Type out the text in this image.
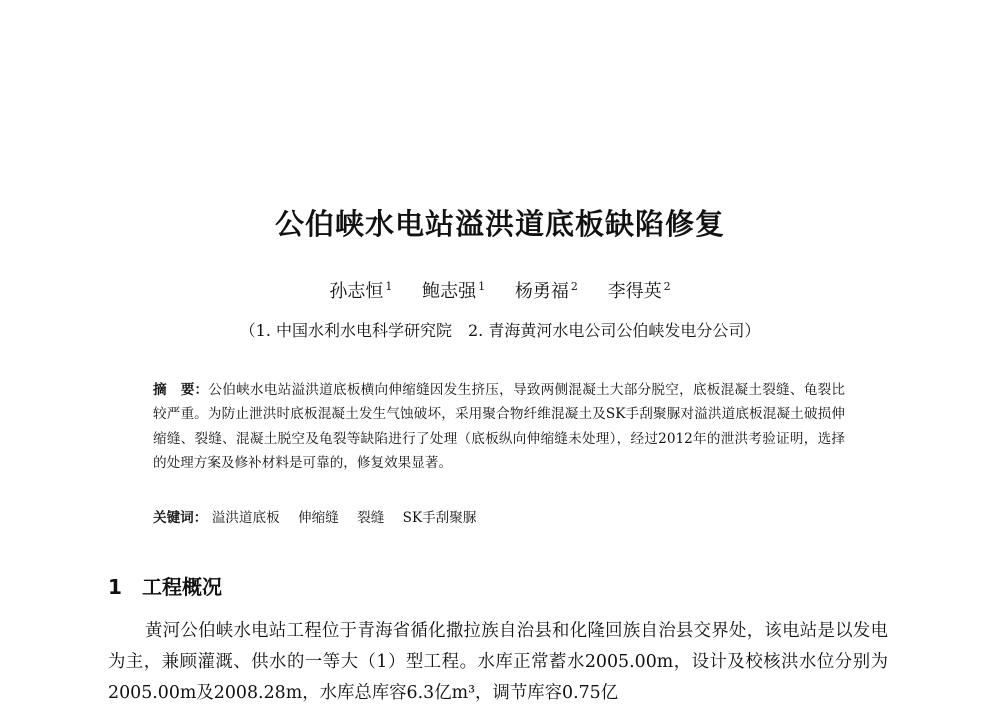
公伯峡水电站溢洪道底板缺陷修复
孙志恒 $^1$ 鲍志强 $^1$ 杨勇福 $^2$ 李得英 $^2$
（1. 中国水利水电科学研究院　2. 青海黄河水电公司公伯峡发电分公司）
摘　要：公伯峡水电站溢洪道底板横向伸缩缝因发生挤压，导致两侧混凝土大部分脱空，底板混凝土裂缝、龟裂比较严重。为防止泄洪时底板混凝土发生气蚀破坏，采用聚合物纤维混凝土及SK手刮聚脲对溢洪道底板混凝土破损伸缩缝、裂缝、混凝土脱空及龟裂等缺陷进行了处理（底板纵向伸缩缝未处理），经过2012年的泄洪考验证明，选择的处理方案及修补材料是可靠的，修复效果显著。
关键词： 溢洪道底板 伸缩缝 裂缝 SK手刮聚脲
1 工程概况

黄河公伯峡水电站工程位于青海省循化撒拉族自治县和化隆回族自治县交界处，该电站是以发电为主，兼顾灌溉、供水的一等大（1）型工程。水库正常蓄水2005.00m，设计及校核洪水位分别为2005.00m及2008.28m，水库总库容6.3亿m³，调节库容0.75亿
